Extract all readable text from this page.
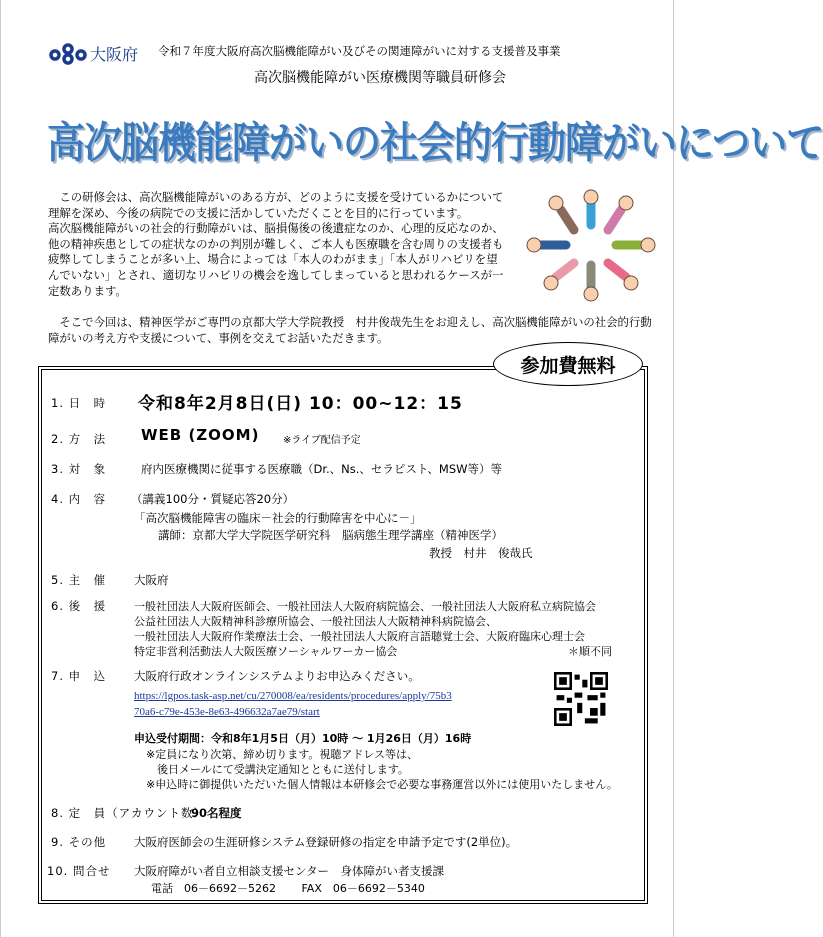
大阪府 令和７年度大阪府高次脳機能障がい及びその関連障がいに対する支援普及事業
高次脳機能障がい医療機関等職員研修会
高次脳機能障がいの社会的行動障がいについて

　この研修会は、高次脳機能障がいのある方が、どのように支援を受けているかについて理解を深め、今後の病院での支援に活かしていただくことを目的に行っています。

高次脳機能障がいの社会的行動障がいは、脳損傷後の後遺症なのか、心理的反応なのか、他の精神疾患としての症状なのかの判別が難しく、ご本人も医療職を含む周りの支援者も疲弊してしまうことが多い上、場合によっては「本人のわがまま」「本人がリハビリを望んでいない」とされ、適切なリハビリの機会を逸してしまっていると思われるケースが一定数あります。

　そこで今回は、精神医学がご専門の京都大学大学院教授　村井俊哉先生をお迎えし、高次脳機能障がいの社会的行動障がいの考え方や支援について、事例を交えてお話いただきます。

参加費無料
1. 日　時 令和8年2月8日(日) 10：00~12：15
2. 方　法 WEB (ZOOM) ※ライブ配信予定
3. 対　象	府内医療機関に従事する医療職（Dr.、Ns.、セラピスト、MSW等）等
4. 内　容 （講義100分・質疑応答20分）
「高次脳機能障害の臨床－社会的行動障害を中心に－」
講師：京都大学大学院医学研究科　脳病態生理学講座（精神医学）
教授　村井　俊哉氏
5. 主　催 大阪府
6. 後　援	一般社団法人大阪府医師会、一般社団法人大阪府病院協会、一般社団法人大阪府私立病院協会
公益社団法人大阪精神科診療所協会、一般社団法人大阪精神科病院協会、
一般社団法人大阪府作業療法士会、一般社団法人大阪府言語聴覚士会、大阪府臨床心理士会
特定非営利活動法人大阪医療ソーシャルワーカー協会	＊順不同
7. 申　込 大阪府行政オンラインシステムよりお申込みください。
https://lgpos.task-asp.net/cu/270008/ea/residents/procedures/apply/75b3
70a6-c79e-453e-8e63-496632a7ae79/start
申込受付期間：令和8年1月5日（月）10時 ～ 1月26日（月）16時
※定員になり次第、締め切ります。視聴アドレス等は、
　後日メールにて受講決定通知とともに送付します。
※申込時に御提供いただいた個人情報は本研修会で必要な事務運営以外には使用いたしません。
8. 定　員（アカウント数）
90名程度
9. その他 大阪府医師会の生涯研修システム登録研修の指定を申請予定です(2単位)。
10. 問合せ 大阪府障がい者自立相談支援センター　身体障がい者支援課
電話　06－6692－5262　　 FAX　06－6692－5340
